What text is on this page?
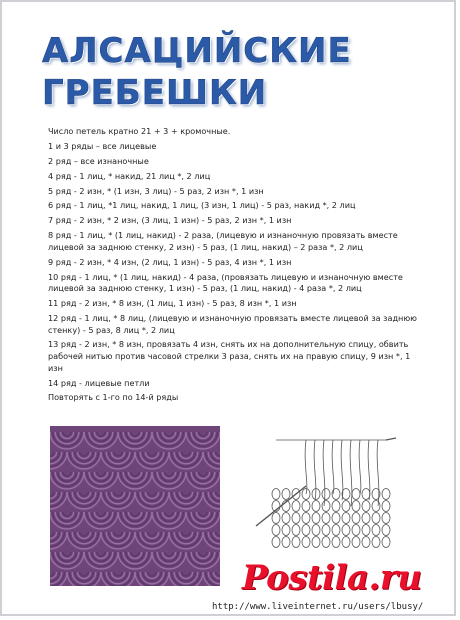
АЛСАЦИЙСКИЕ
ГРЕБЕШКИ

Число петель кратно 21 + 3 + кромочные.

1 и 3 ряды – все лицевые

2 ряд – все изнаночные

4 ряд - 1 лиц, * накид, 21 лиц *, 2 лиц

5 ряд - 2 изн, * (1 изн, 3 лиц) - 5 раз, 2 изн *, 1 изн

6 ряд - 1 лиц, *1 лиц, накид, 1 лиц, (3 изн, 1 лиц) - 5 раз, накид *, 2 лиц

7 ряд - 2 изн, * 2 изн, (3 лиц, 1 изн) - 5 раз, 2 изн *, 1 изн

8 ряд - 1 лиц, * (1 лиц, накид) - 2 раза, (лицевую и изнаночную провязать вместе лицевой за заднюю стенку, 2 изн) - 5 раз, (1 лиц, накид) – 2 раза *, 2 лиц

9 ряд - 2 изн, * 4 изн, (2 лиц, 1 изн) - 5 раз, 4 изн *, 1 изн

10 ряд - 1 лиц, * (1 лиц, накид) - 4 раза, (провязать лицевую и изнаночную вместе лицевой за заднюю стенку, 1 изн) - 5 раз, (1 лиц, накид) - 4 раза *, 2 лиц

11 ряд - 2 изн, * 8 изн, (1 лиц, 1 изн) - 5 раз, 8 изн *, 1 изн

12 ряд - 1 лиц, * 8 лиц, (лицевую и изнаночную провязать вместе лицевой за заднюю стенку) - 5 раз, 8 лиц *, 2 лиц

13 ряд - 2 изн, * 8 изн, провязать 4 изн, снять их на дополнительную спицу, обвить рабочей нитью против часовой стрелки 3 раза, снять их на правую спицу, 9 изн *, 1 изн

14 ряд - лицевые петли

Повторять с 1-го по 14-й ряды

Postila.ru
http://www.liveinternet.ru/users/lbusy/
